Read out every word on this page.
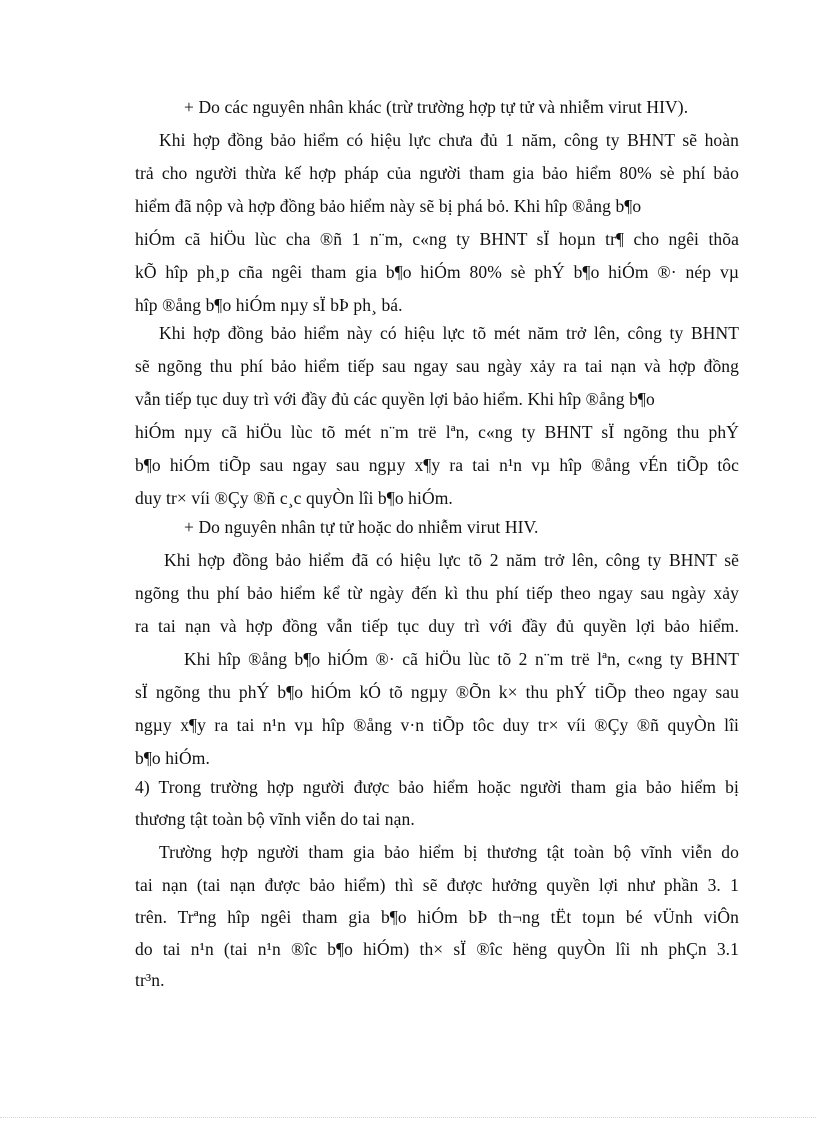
+ Do các nguyên nhân khác (trừ trường hợp tự tử và nhiễm virut HIV).
Khi hợp đồng bảo hiểm có hiệu lực chưa đủ 1 năm, công ty BHNT sẽ hoàn
trả cho người thừa kế hợp pháp của người tham gia bảo hiểm 80% sè phí bảo
hiểm đã nộp và hợp đồng bảo hiểm này sẽ bị phá bỏ. Khi hîp ®ång b¶o
hiÓm cã hiÖu lùc cha ®ñ 1 n¨m, c«ng ty BHNT sÏ hoµn tr¶ cho ngêi thõa
kÕ hîp ph¸p cña ngêi tham gia b¶o hiÓm 80% sè phÝ b¶o hiÓm ®· nép vµ
hîp ®ång b¶o hiÓm nµy sÏ bÞ ph¸ bá.
Khi hợp đồng bảo hiểm này có hiệu lực tõ mét năm trở lên, công ty BHNT
sẽ ngõng thu phí bảo hiểm tiếp sau ngay sau ngày xảy ra tai nạn và hợp đồng
vẫn tiếp tục duy trì với đầy đủ các quyền lợi bảo hiểm. Khi hîp ®ång b¶o
hiÓm nµy cã hiÖu lùc tõ mét n¨m trë lªn, c«ng ty BHNT sÏ ngõng thu phÝ
b¶o hiÓm tiÕp sau ngay sau ngµy x¶y ra tai n¹n vµ hîp ®ång vÉn tiÕp tôc
duy tr× víi ®Çy ®ñ c¸c quyÒn lîi b¶o hiÓm.
+ Do nguyên nhân tự tử hoặc do nhiễm virut HIV.
Khi hợp đồng bảo hiểm đã có hiệu lực tõ 2 năm trở lên, công ty BHNT sẽ
ngõng thu phí bảo hiểm kể từ ngày đến kì thu phí tiếp theo ngay sau ngày xảy
ra tai nạn và hợp đồng vẫn tiếp tục duy trì với đầy đủ quyền lợi bảo hiểm.
Khi hîp ®ång b¶o hiÓm ®· cã hiÖu lùc tõ 2 n¨m trë lªn, c«ng ty BHNT
sÏ ngõng thu phÝ b¶o hiÓm kÓ tõ ngµy ®Õn k× thu phÝ tiÕp theo ngay sau
ngµy x¶y ra tai n¹n vµ hîp ®ång v·n tiÕp tôc duy tr× víi ®Çy ®ñ quyÒn lîi
b¶o hiÓm.
4) Trong trường hợp người được bảo hiểm hoặc người tham gia bảo hiểm bị
thương tật toàn bộ vĩnh viễn do tai nạn.
Trường hợp người tham gia bảo hiểm bị thương tật toàn bộ vĩnh viễn do
tai nạn (tai nạn được bảo hiểm) thì sẽ được hưởng quyền lợi như phần 3. 1
trên. Trªng hîp ngêi tham gia b¶o hiÓm bÞ th¬ng tËt toµn bé vÜnh viÔn
do tai n¹n (tai n¹n ®îc b¶o hiÓm) th× sÏ ®îc hëng quyÒn lîi nh phÇn 3.1
tr³n.
